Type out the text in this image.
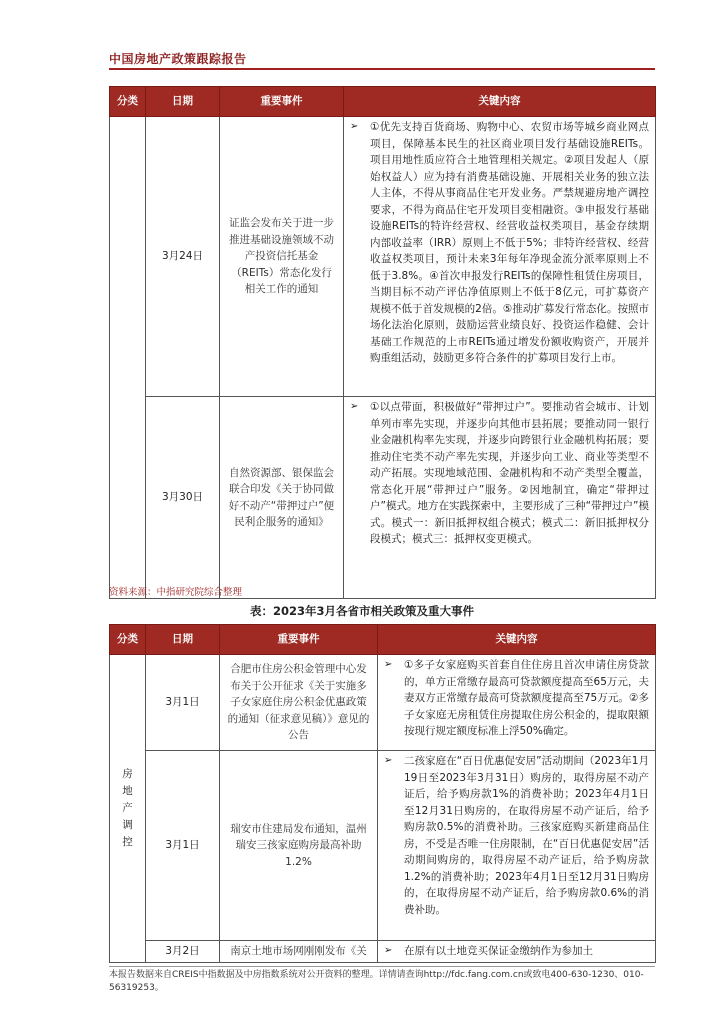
中国房地产政策跟踪报告
分类	日期	重要事件	关键内容
	3月24日	证监会发布关于进一步推进基础设施领域不动产投资信托基金（REITs）常态化发行相关工作的通知	➢ ①优先支持百货商场、购物中心、农贸市场等城乡商业网点项目，保障基本民生的社区商业项目发行基础设施REITs。项目用地性质应符合土地管理相关规定。②项目发起人（原始权益人）应为持有消费基础设施、开展相关业务的独立法人主体，不得从事商品住宅开发业务。严禁规避房地产调控要求，不得为商品住宅开发项目变相融资。③申报发行基础设施REITs的特许经营权、经营收益权类项目，基金存续期内部收益率（IRR）原则上不低于5%；非特许经营权、经营收益权类项目，预计未来3年每年净现金流分派率原则上不低于3.8%。④首次申报发行REITs的保障性租赁住房项目，当期目标不动产评估净值原则上不低于8亿元，可扩募资产规模不低于首发规模的2倍。⑤推动扩募发行常态化。按照市场化法治化原则，鼓励运营业绩良好、投资运作稳健、会计基础工作规范的上市REITs通过增发份额收购资产，开展并购重组活动，鼓励更多符合条件的扩募项目发行上市。
	3月30日	自然资源部、银保监会联合印发《关于协同做好不动产“带押过户”便民利企服务的通知》	➢ ①以点带面，积极做好“带押过户”。要推动省会城市、计划单列市率先实现，并逐步向其他市县拓展；要推动同一银行业金融机构率先实现，并逐步向跨银行业金融机构拓展；要推动住宅类不动产率先实现，并逐步向工业、商业等类型不动产拓展。实现地域范围、金融机构和不动产类型全覆盖，常态化开展“带押过户”服务。②因地制宜，确定“带押过户”模式。地方在实践探索中，主要形成了三种“带押过户”模式。模式一：新旧抵押权组合模式；模式二：新旧抵押权分段模式；模式三：抵押权变更模式。
资料来源：中指研究院综合整理
表：2023年3月各省市相关政策及重大事件
分类	日期	重要事件	关键内容

房地产调控	3月1日	合肥市住房公积金管理中心发布关于公开征求《关于实施多子女家庭住房公积金优惠政策的通知（征求意见稿）》意见的公告	➢ ①多子女家庭购买首套自住住房且首次申请住房贷款的，单方正常缴存最高可贷款额度提高至65万元，夫妻双方正常缴存最高可贷款额度提高至75万元。②多子女家庭无房租赁住房提取住房公积金的，提取限额按现行规定额度标准上浮50%确定。
	3月1日	瑞安市住建局发布通知，温州瑞安三孩家庭购房最高补助1.2%	➢ 二孩家庭在“百日优惠促安居”活动期间（2023年1月19日至2023年3月31日）购房的，取得房屋不动产证后，给予购房款1%的消费补助；2023年4月1日至12月31日购房的，在取得房屋不动产证后，给予购房款0.5%的消费补助。三孩家庭购买新建商品住房，不受是否唯一住房限制，在“百日优惠促安居”活动期间购房的，取得房屋不动产证后，给予购房款1.2%的消费补助；2023年4月1日至12月31日购房的，在取得房屋不动产证后，给予购房款0.6%的消费补助。
	3月2日	南京土地市场网刚刚发布《关	➢ 在原有以土地竞买保证金缴纳作为参加土
本报告数据来自CREIS中指数据及中房指数系统对公开资料的整理。详情请查询http://fdc.fang.com.cn或致电400-630-1230、010-56319253。
